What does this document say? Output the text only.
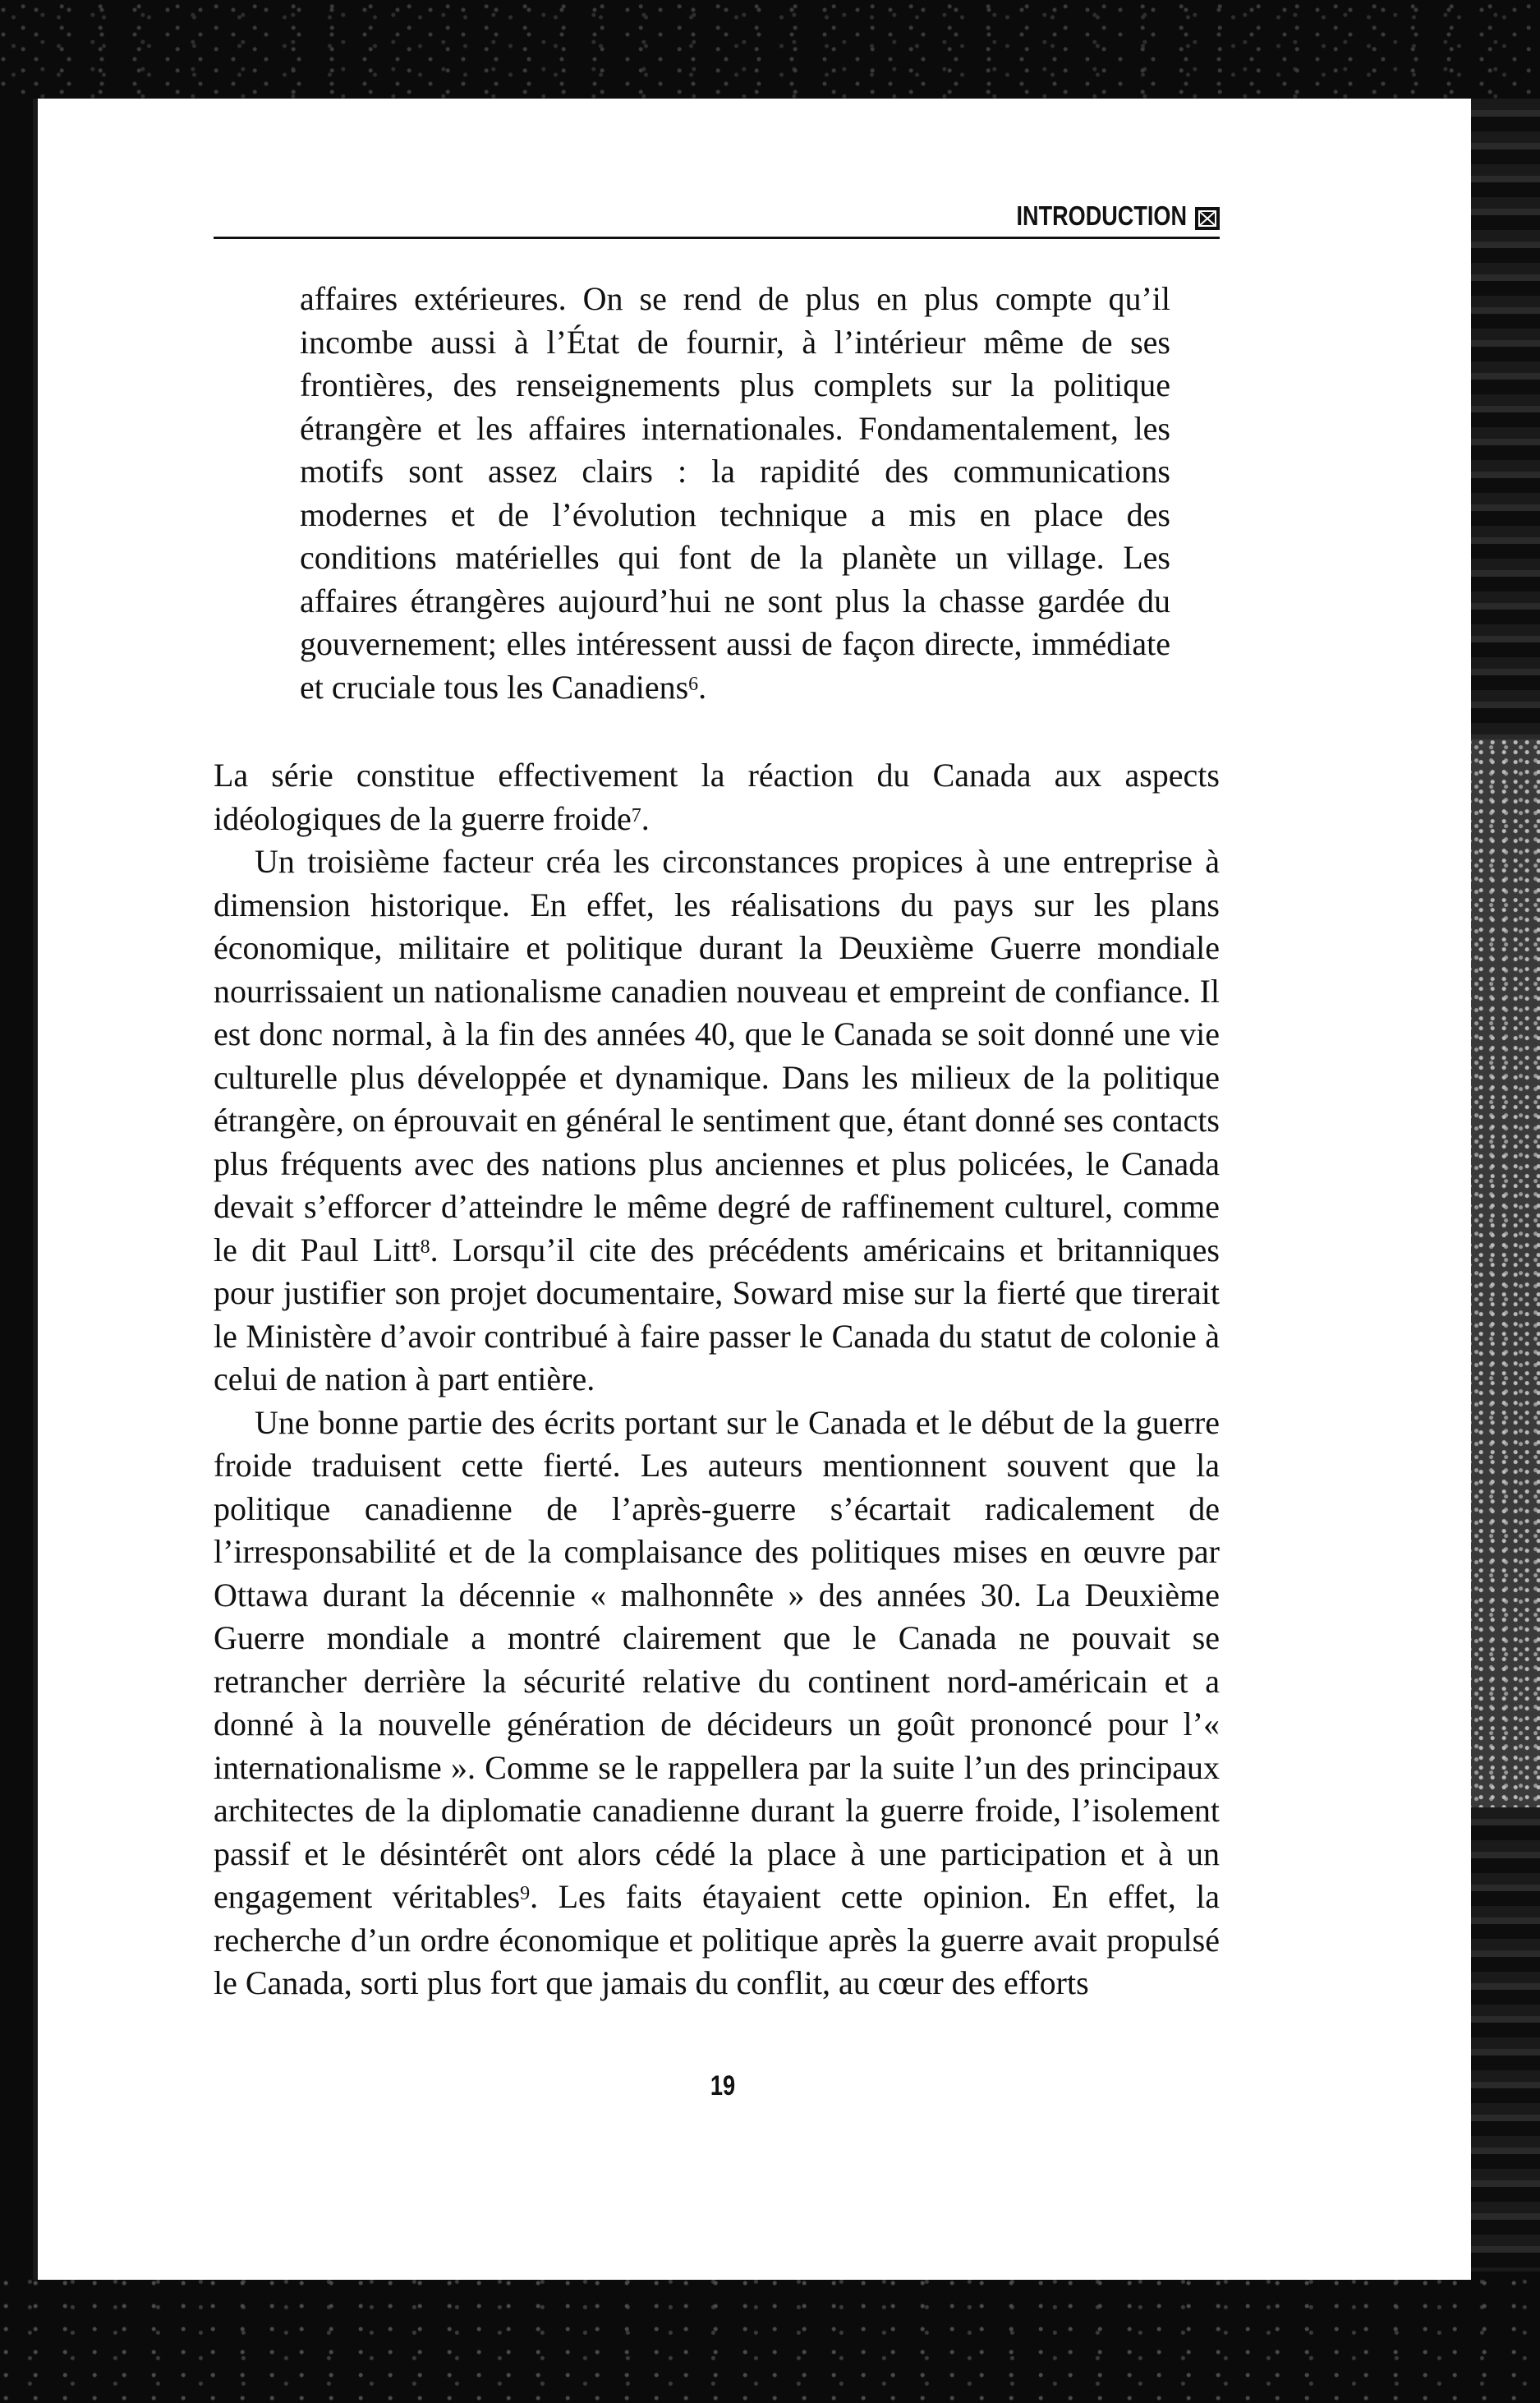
INTRODUCTION

affaires extérieures. On se rend de plus en plus compte qu’il incombe aussi à l’État de fournir, à l’intérieur même de ses frontières, des renseignements plus complets sur la politique étrangère et les affaires internationales. Fondamentalement, les motifs sont assez clairs : la rapidité des communications modernes et de l’évolution technique a mis en place des conditions matérielles qui font de la planète un village. Les affaires étrangères aujourd’hui ne sont plus la chasse gardée du gouvernement; elles intéressent aussi de façon directe, immédiate et cruciale tous les Canadiens$^6$.

La série constitue effectivement la réaction du Canada aux aspects idéologiques de la guerre froide$^7$.

Un troisième facteur créa les circonstances propices à une entreprise à dimension historique. En effet, les réalisations du pays sur les plans économique, militaire et politique durant la Deuxième Guerre mondiale nourrissaient un nationalisme canadien nouveau et empreint de confiance. Il est donc normal, à la fin des années 40, que le Canada se soit donné une vie culturelle plus développée et dynamique. Dans les milieux de la politique étrangère, on éprouvait en général le sentiment que, étant donné ses contacts plus fréquents avec des nations plus anciennes et plus policées, le Canada devait s’efforcer d’atteindre le même degré de raffinement culturel, comme le dit Paul Litt$^8$. Lorsqu’il cite des précédents américains et britanniques pour justifier son projet documentaire, Soward mise sur la fierté que tirerait le Ministère d’avoir contribué à faire passer le Canada du statut de colonie à celui de nation à part entière.

Une bonne partie des écrits portant sur le Canada et le début de la guerre froide traduisent cette fierté. Les auteurs mentionnent souvent que la politique canadienne de l’après-guerre s’écartait radicalement de l’irresponsabilité et de la complaisance des politiques mises en œuvre par Ottawa durant la décennie « malhonnête » des années 30. La Deuxième Guerre mondiale a montré clairement que le Canada ne pouvait se retrancher derrière la sécurité relative du continent nord-américain et a donné à la nouvelle génération de décideurs un goût prononcé pour l’« internationalisme ». Comme se le rappellera par la suite l’un des principaux architectes de la diplomatie canadienne durant la guerre froide, l’isolement passif et le désintérêt ont alors cédé la place à une participation et à un engagement véritables$^9$. Les faits étayaient cette opinion. En effet, la recherche d’un ordre économique et politique après la guerre avait propulsé le Canada, sorti plus fort que jamais du conflit, au cœur des efforts

19
